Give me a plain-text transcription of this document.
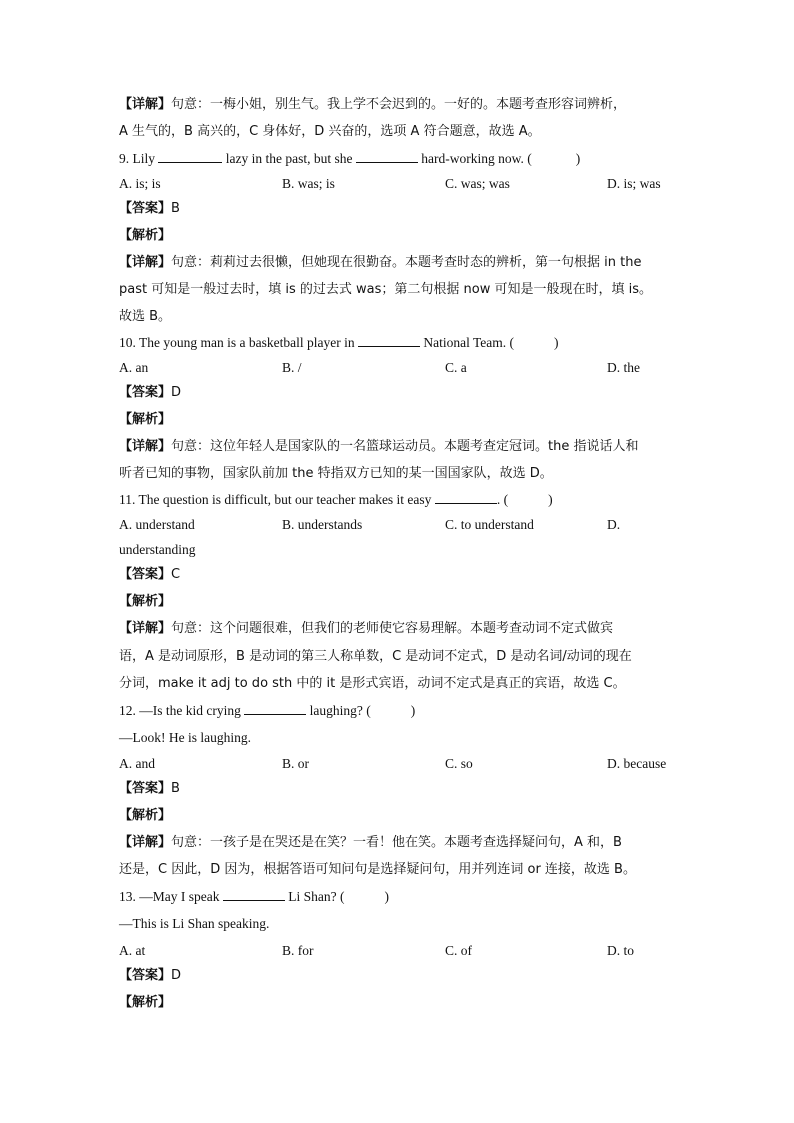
【详解】句意：一梅小姐，别生气。我上学不会迟到的。一好的。本题考查形容词辨析，
A 生气的，B 高兴的，C 身体好，D 兴奋的，选项 A 符合题意，故选 A。
9. Lily	lazy in the past, but she	hard-working now. (	)
A. is; is	B. was; is	C. was; was	D. is; was
【答案】B
【解析】
【详解】句意：莉莉过去很懒，但她现在很勤奋。本题考查时态的辨析，第一句根据 in the
past 可知是一般过去时，填 is 的过去式 was；第二句根据 now 可知是一般现在时，填 is。
故选 B。
10. The young man is a basketball player in	National Team. (	)
A. an	B. /	C. a	D. the
【答案】D
【解析】
【详解】句意：这位年轻人是国家队的一名篮球运动员。本题考查定冠词。the 指说话人和
听者已知的事物，国家队前加 the 特指双方已知的某一国国家队，故选 D。
11. The question is difficult, but our teacher makes it easy	. (	)
A. understand	B. understands	C. to understand	D.
understanding
【答案】C
【解析】
【详解】句意：这个问题很难，但我们的老师使它容易理解。本题考查动词不定式做宾
语，A 是动词原形，B 是动词的第三人称单数，C 是动词不定式，D 是动名词/动词的现在
分词，make it adj to do sth 中的 it 是形式宾语，动词不定式是真正的宾语，故选 C。
12. —Is the kid crying	laughing? (	)
—Look! He is laughing.
A. and	B. or	C. so	D. because
【答案】B
【解析】
【详解】句意：一孩子是在哭还是在笑？一看！他在笑。本题考查选择疑问句，A 和，B
还是，C 因此，D 因为，根据答语可知问句是选择疑问句，用并列连词 or 连接，故选 B。
13. —May I speak	Li Shan? (	)
—This is Li Shan speaking.
A. at	B. for	C. of	D. to
【答案】D
【解析】
